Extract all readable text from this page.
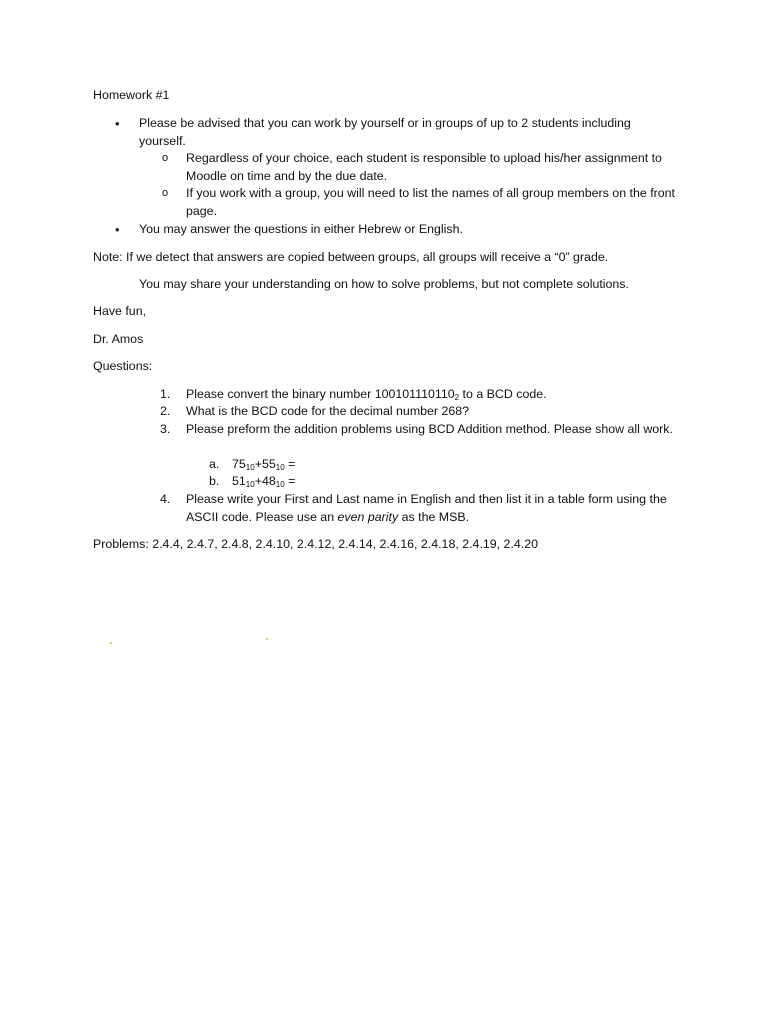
Homework #1
•	Please be advised that you can work by yourself or in groups of up to 2 students including yourself.
o Regardless of your choice, each student is responsible to upload his/her assignment to Moodle on time and by the due date.
o If you work with a group, you will need to list the names of all group members on the front page.
•	You may answer the questions in either Hebrew or English.
Note: If we detect that answers are copied between groups, all groups will receive a “0” grade.
You may share your understanding on how to solve problems, but not complete solutions.
Have fun,
Dr. Amos
Questions:
1.	Please convert the binary number $100101110110_2$ to a BCD code.
2.	What is the BCD code for the decimal number 268?
3.	Please preform the addition problems using BCD Addition method. Please show all work.
a. $75_{10}+55_{10}$ =
b. $51_{10}+48_{10}$ =
4.	Please write your First and Last name in English and then list it in a table form using the ASCII code. Please use an even parity as the MSB.
Problems: 2.4.4, 2.4.7, 2.4.8, 2.4.10, 2.4.12, 2.4.14, 2.4.16, 2.4.18, 2.4.19, 2.4.20
